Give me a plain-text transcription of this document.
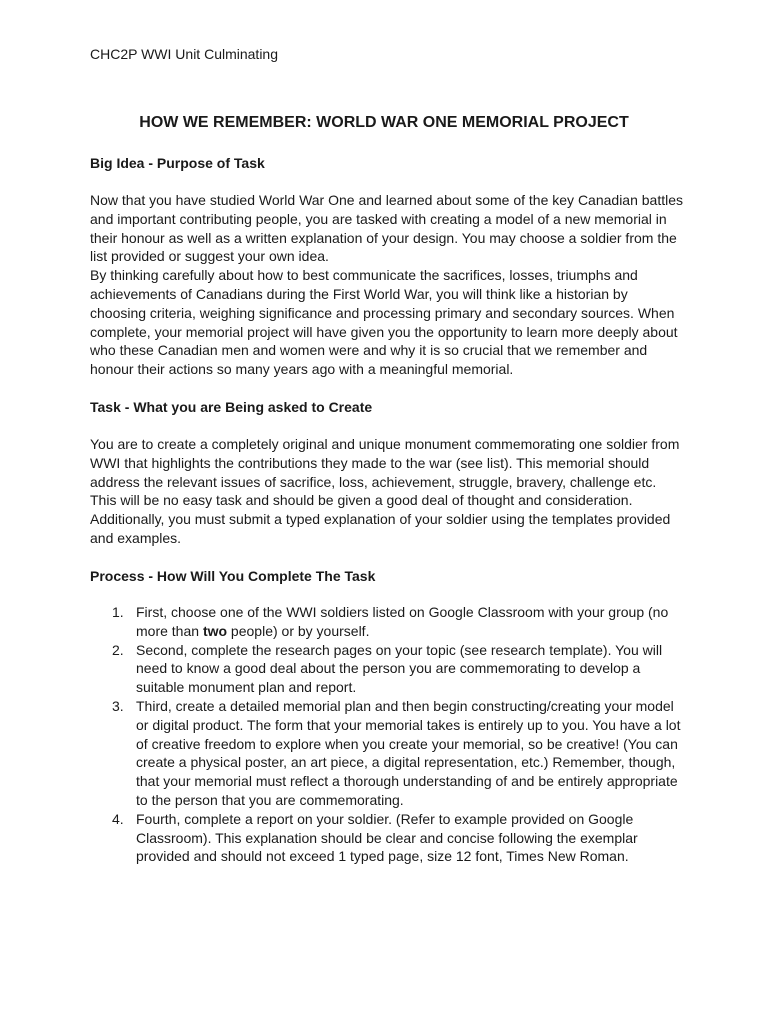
CHC2P WWI Unit Culminating
HOW WE REMEMBER: WORLD WAR ONE MEMORIAL PROJECT
Big Idea - Purpose of Task
Now that you have studied World War One and learned about some of the key Canadian battles
and important contributing people, you are tasked with creating a model of a new memorial in
their honour as well as a written explanation of your design. You may choose a soldier from the
list provided or suggest your own idea.
By thinking carefully about how to best communicate the sacrifices, losses, triumphs and
achievements of Canadians during the First World War, you will think like a historian by
choosing criteria, weighing significance and processing primary and secondary sources. When
complete, your memorial project will have given you the opportunity to learn more deeply about
who these Canadian men and women were and why it is so crucial that we remember and
honour their actions so many years ago with a meaningful memorial.
Task - What you are Being asked to Create
You are to create a completely original and unique monument commemorating one soldier from
WWI that highlights the contributions they made to the war (see list). This memorial should
address the relevant issues of sacrifice, loss, achievement, struggle, bravery, challenge etc.
This will be no easy task and should be given a good deal of thought and consideration.
Additionally, you must submit a typed explanation of your soldier using the templates provided
and examples.
Process - How Will You Complete The Task
1. First, choose one of the WWI soldiers listed on Google Classroom with your group (no
more than two people) or by yourself.
2. Second, complete the research pages on your topic (see research template). You will
need to know a good deal about the person you are commemorating to develop a
suitable monument plan and report.
3. Third, create a detailed memorial plan and then begin constructing/creating your model
or digital product. The form that your memorial takes is entirely up to you. You have a lot
of creative freedom to explore when you create your memorial, so be creative! (You can
create a physical poster, an art piece, a digital representation, etc.) Remember, though,
that your memorial must reflect a thorough understanding of and be entirely appropriate
to the person that you are commemorating.
4. Fourth, complete a report on your soldier. (Refer to example provided on Google
Classroom). This explanation should be clear and concise following the exemplar
provided and should not exceed 1 typed page, size 12 font, Times New Roman.
